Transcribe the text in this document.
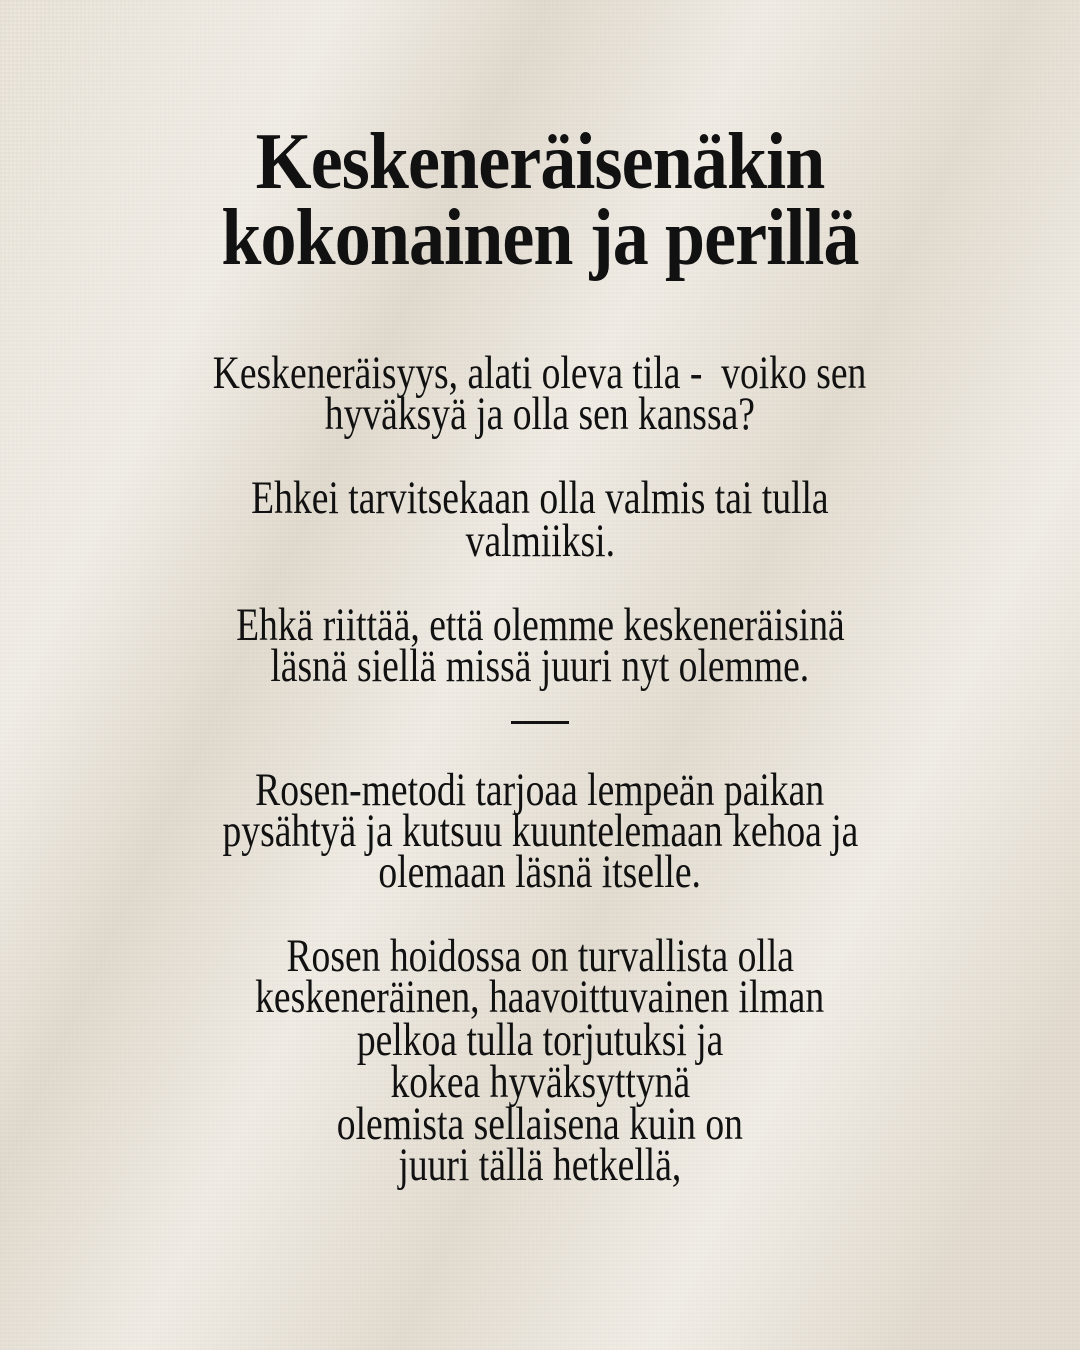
Keskeneräisenäkin
kokonainen ja perillä
Keskeneräisyys, alati oleva tila -  voiko sen
hyväksyä ja olla sen kanssa?
Ehkei tarvitsekaan olla valmis tai tulla
valmiiksi.
Ehkä riittää, että olemme keskeneräisinä
läsnä siellä missä juuri nyt olemme.
Rosen-metodi tarjoaa lempeän paikan
pysähtyä ja kutsuu kuuntelemaan kehoa ja
olemaan läsnä itselle.
Rosen hoidossa on turvallista olla
keskeneräinen, haavoittuvainen ilman
pelkoa tulla torjutuksi ja
kokea hyväksyttynä
olemista sellaisena kuin on
juuri tällä hetkellä,
